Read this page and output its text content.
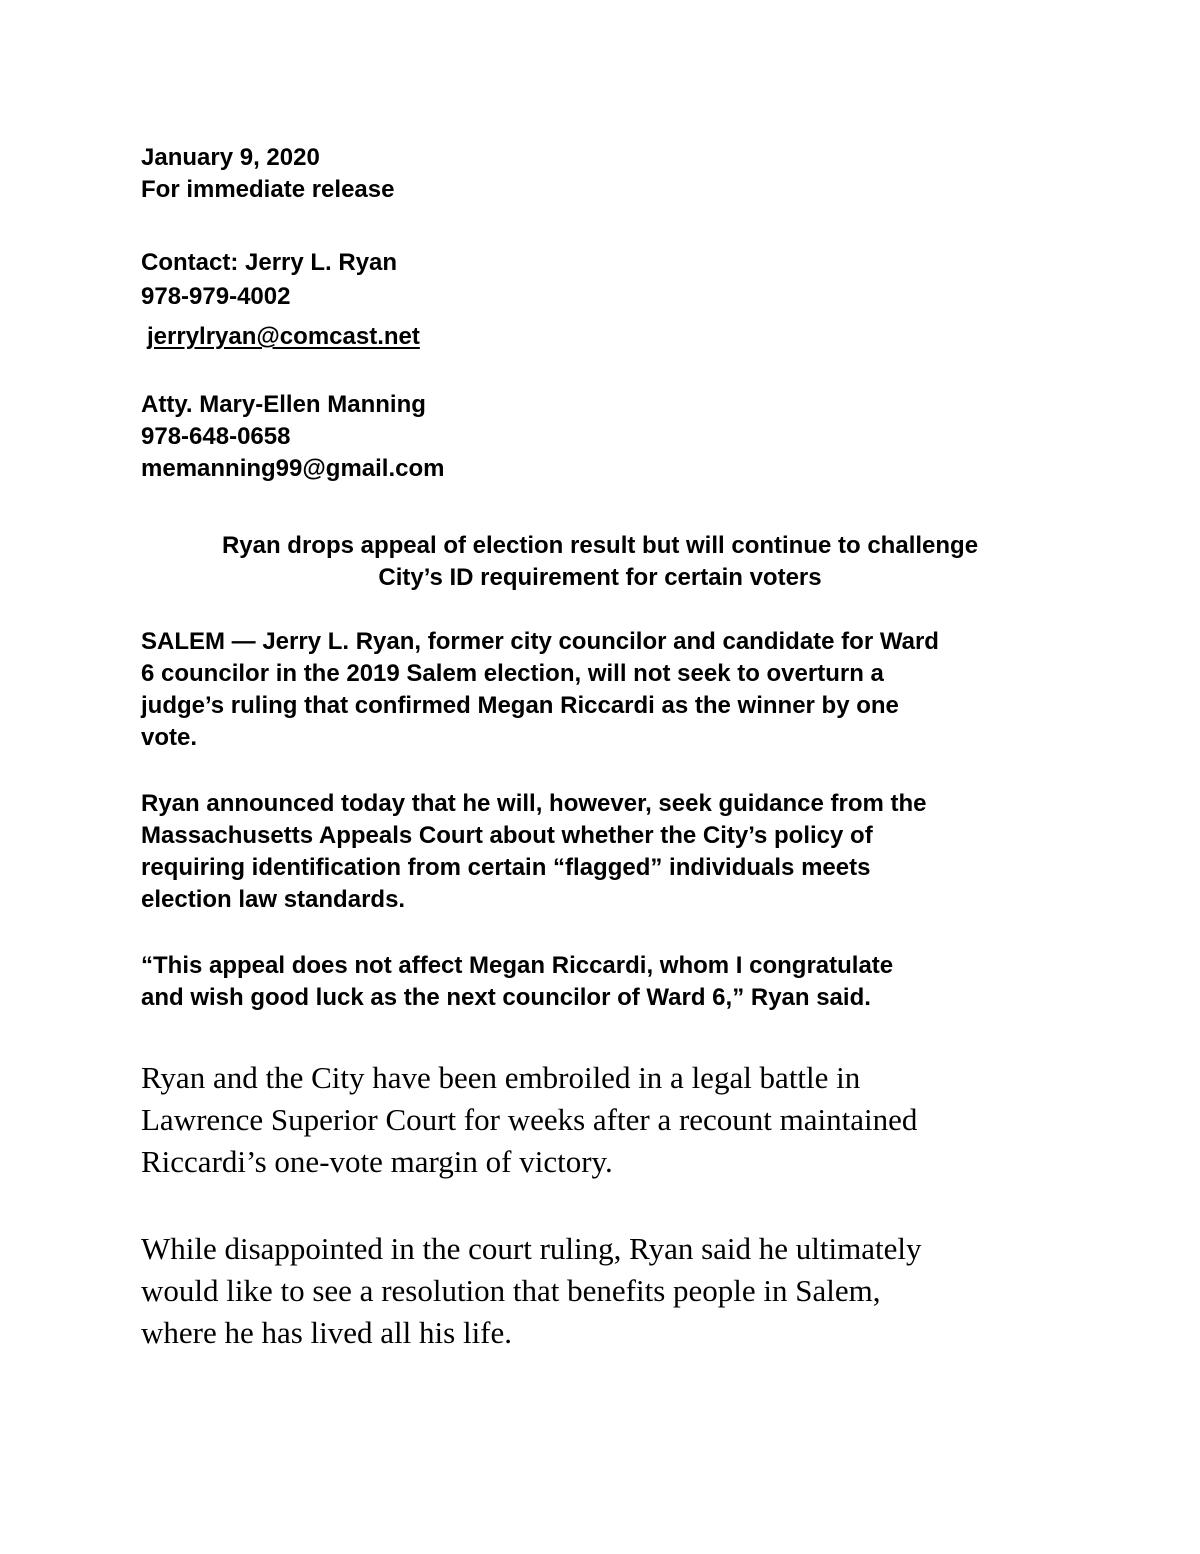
January 9, 2020
For immediate release
Contact: Jerry L. Ryan
978-979-4002
jerrylryan@comcast.net
Atty. Mary-Ellen Manning
978-648-0658
memanning99@gmail.com
Ryan drops appeal of election result but will continue to challenge
City’s ID requirement for certain voters
SALEM — Jerry L. Ryan, former city councilor and candidate for Ward
6 councilor in the 2019 Salem election, will not seek to overturn a
judge’s ruling that confirmed Megan Riccardi as the winner by one
vote.
Ryan announced today that he will, however, seek guidance from the
Massachusetts Appeals Court about whether the City’s policy of
requiring identification from certain “flagged” individuals meets
election law standards.
“This appeal does not affect Megan Riccardi, whom I congratulate
and wish good luck as the next councilor of Ward 6,” Ryan said.
Ryan and the City have been embroiled in a legal battle in
Lawrence Superior Court for weeks after a recount maintained
Riccardi’s one-vote margin of victory.
While disappointed in the court ruling, Ryan said he ultimately
would like to see a resolution that benefits people in Salem,
where he has lived all his life.
